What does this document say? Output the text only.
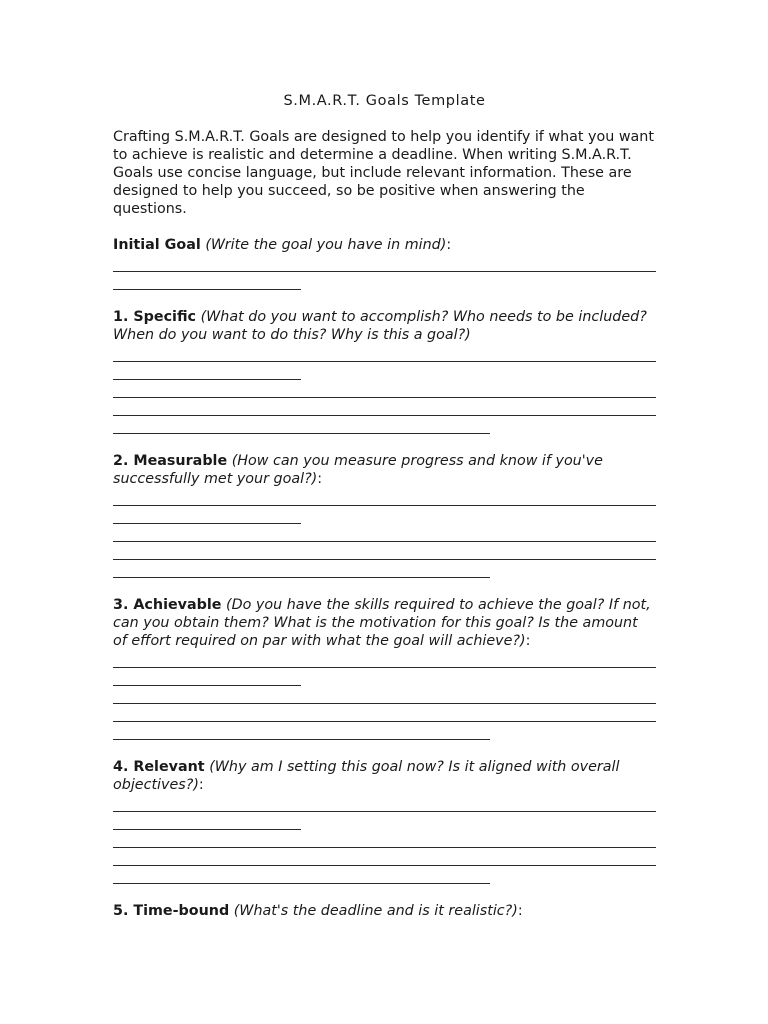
S.M.A.R.T. Goals Template

Crafting S.M.A.R.T. Goals are designed to help you identify if what you want to achieve is realistic and determine a deadline. When writing S.M.A.R.T. Goals use concise language, but include relevant information. These are designed to help you succeed, so be positive when answering the questions.

Initial Goal (Write the goal you have in mind):

1. Specific (What do you want to accomplish? Who needs to be included? When do you want to do this? Why is this a goal?)

2. Measurable (How can you measure progress and know if you've successfully met your goal?):

3. Achievable (Do you have the skills required to achieve the goal? If not, can you obtain them? What is the motivation for this goal? Is the amount of effort required on par with what the goal will achieve?):

4. Relevant (Why am I setting this goal now? Is it aligned with overall objectives?):

5. Time-bound (What's the deadline and is it realistic?):
